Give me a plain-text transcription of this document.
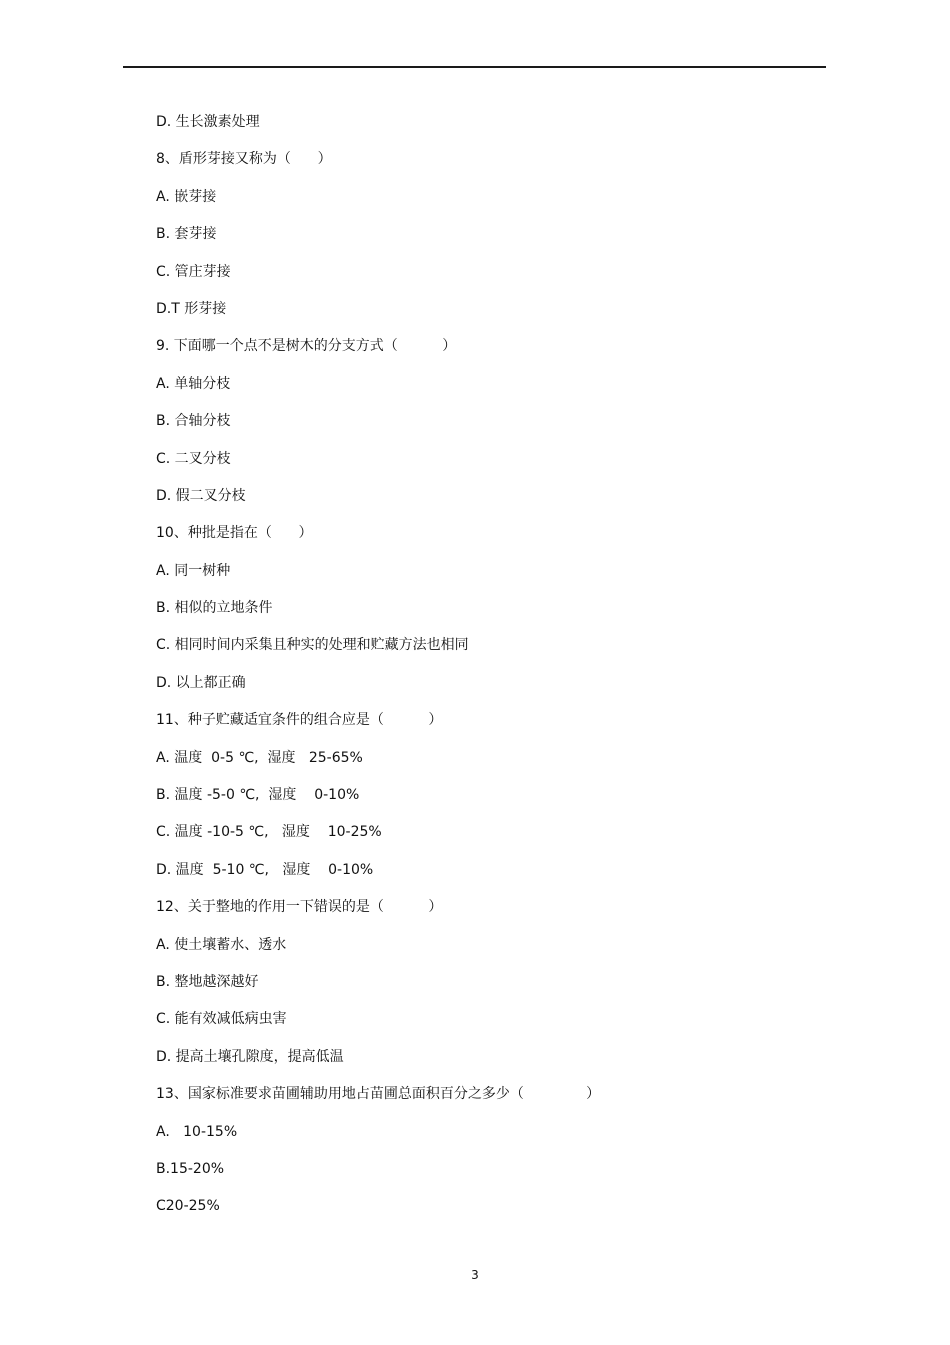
D. 生长激素处理
8、盾形芽接又称为（      ）
A. 嵌芽接
B. 套芽接
C. 管庄芽接
D.T 形芽接
9. 下面哪一个点不是树木的分支方式（          ）
A. 单轴分枝
B. 合轴分枝
C. 二叉分枝
D. 假二叉分枝
10、种批是指在（      ）
A. 同一树种
B. 相似的立地条件
C. 相同时间内采集且种实的处理和贮藏方法也相同
D. 以上都正确
11、种子贮藏适宜条件的组合应是（          ）
A. 温度  0-5 ℃,  湿度   25-65%
B. 温度 -5-0 ℃,  湿度    0-10%
C. 温度 -10-5 ℃,   湿度    10-25%
D. 温度  5-10 ℃,   湿度    0-10%
12、关于整地的作用一下错误的是（          ）
A. 使土壤蓄水、透水
B. 整地越深越好
C. 能有效减低病虫害
D. 提高土壤孔隙度，提高低温
13、国家标准要求苗圃辅助用地占苗圃总面积百分之多少（              ）
A.   10-15%
B.15-20%
C20-25%
3
